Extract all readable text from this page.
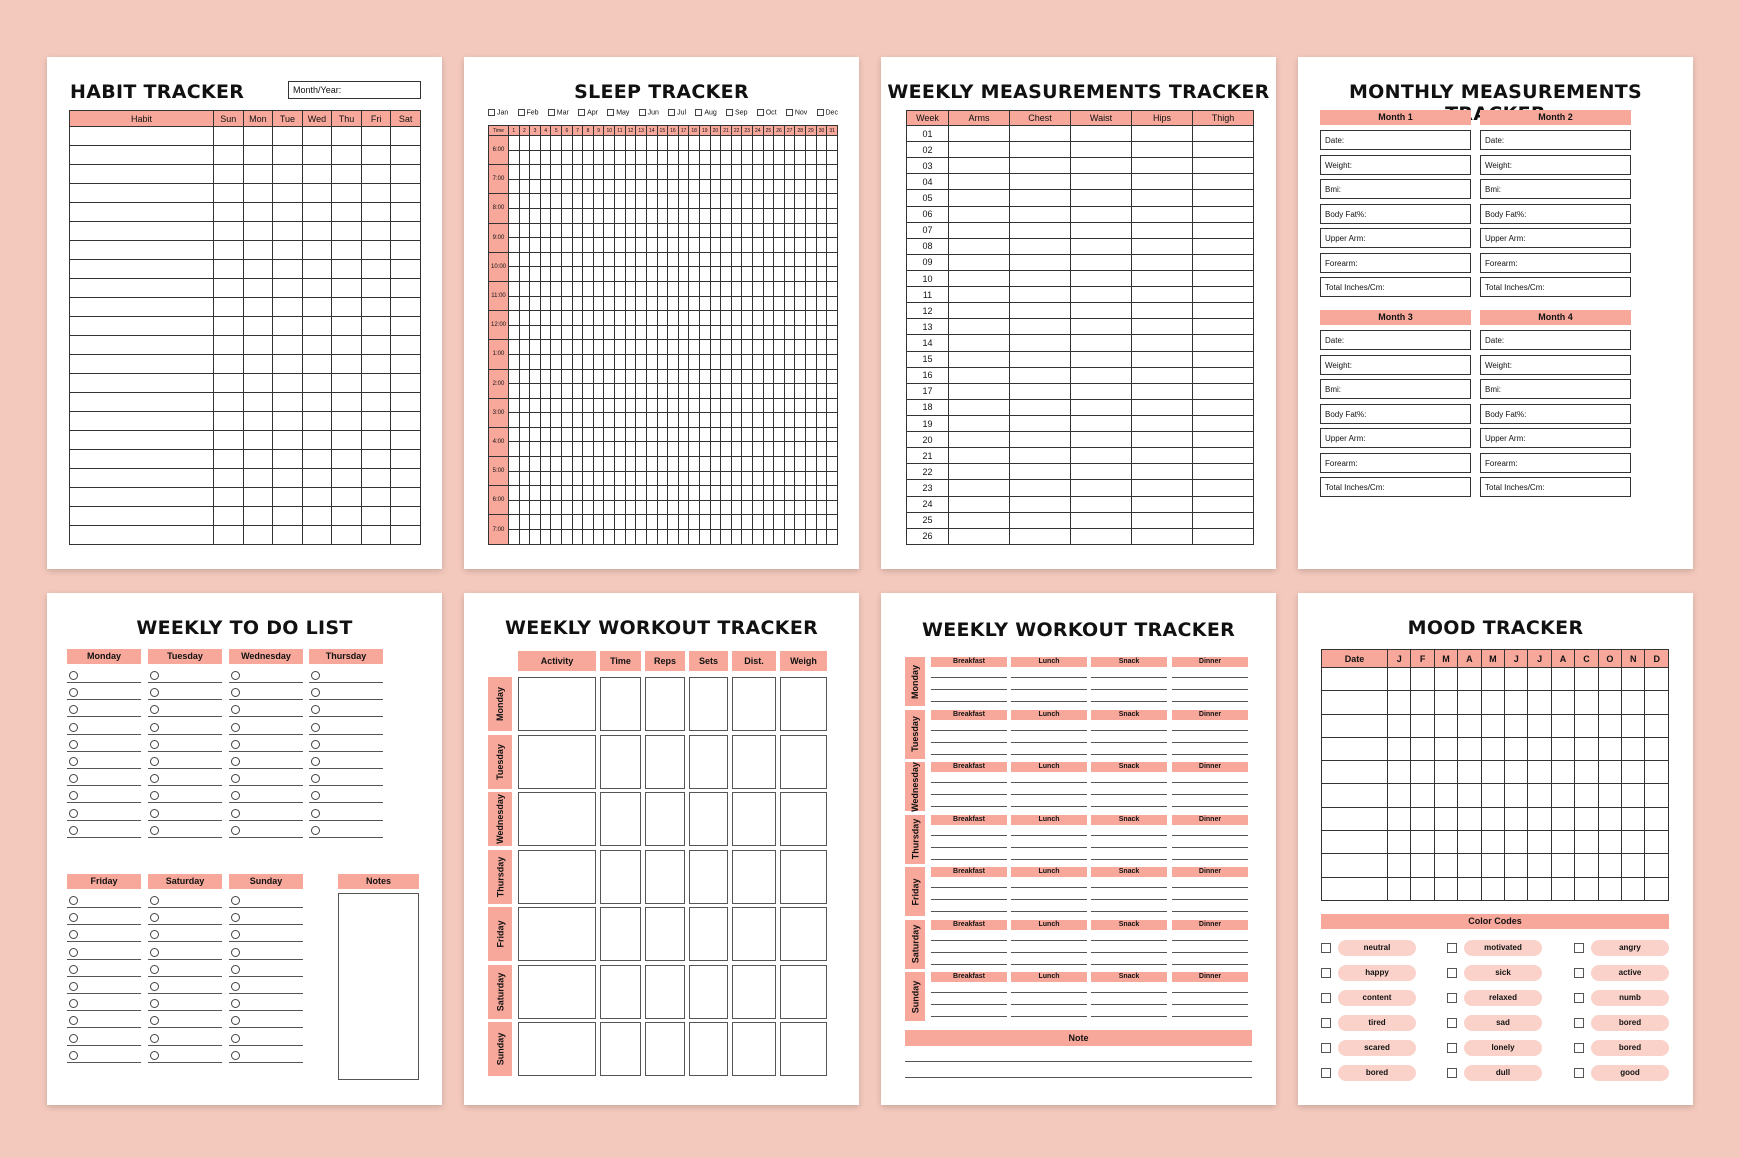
HABIT TRACKER	Month/Year:
Habit	Sun	Mon	Tue	Wed	Thu	Fri	Sat

SLEEP TRACKER
Jan	Feb	Mar	Apr	May	Jun	Jul	Aug	Sep	Oct	Nov	Dec
Time	1	2	3	4	5	6	7	8	9	10	11	12	13	14	15	16	17	18	19	20	21	22	23	24	25	26	27	28	29	30	31
6:00																															

7:00																															

8:00																															

9:00																															

10:00																															

11:00																															

12:00																															

1:00																															

2:00																															

3:00																															

4:00																															

5:00																															

6:00																															

7:00																															

WEEKLY MEASUREMENTS TRACKER
Week	Arms	Chest	Waist	Hips	Thigh
01					
02					
03					
04					
05					
06					
07					
08					
09					
10					
11					
12					
13					
14					
15					
16					
17					
18					
19					
20					
21					
22					
23					
24					
25					
26					
MONTHLY MEASUREMENTS
Month 1
Date:
Weight:
Bmi:
Body Fat%:
Upper Arm:
Forearm:
Total Inches/Cm:
Month 2
Date:
Weight:
Bmi:
Body Fat%:
Upper Arm:
Forearm:
Total Inches/Cm:
Month 3
Date:
Weight:
Bmi:
Body Fat%:
Upper Arm:
Forearm:
Total Inches/Cm:
Month 4
Date:
Weight:
Bmi:
Body Fat%:
Upper Arm:
Forearm:
Total Inches/Cm:
WEEKLY TO DO LIST
Monday	Tuesday	Wednesday	Thursday
Friday	Saturday	Sunday	Notes
WEEKLY WORKOUT TRACKER
Activity	Time	Reps	Sets	Dist.	Weigh
Monday
Tuesday
Wednesday
Thursday
Friday
Saturday
Sunday
WEEKLY WORKOUT TRACKER
Monday
Breakfast	Lunch	Snack	Dinner
Tuesday
Breakfast	Lunch	Snack	Dinner
Wednesday	Breakfast	Lunch	Snack	Dinner
Thursday	Breakfast	Lunch	Snack	Dinner
Friday
Breakfast	Lunch	Snack	Dinner
Saturday
Breakfast	Lunch	Snack	Dinner
Sunday
Breakfast	Lunch	Snack	Dinner
Note
MOOD TRACKER
Date	J	F	M	A	M	J	J	A	C	O	N	D

Color Codes
neutral	motivated	angry
happy	sick	active
content	relaxed	numb
tired	sad	bored
scared	lonely	bored
bored	dull	good
